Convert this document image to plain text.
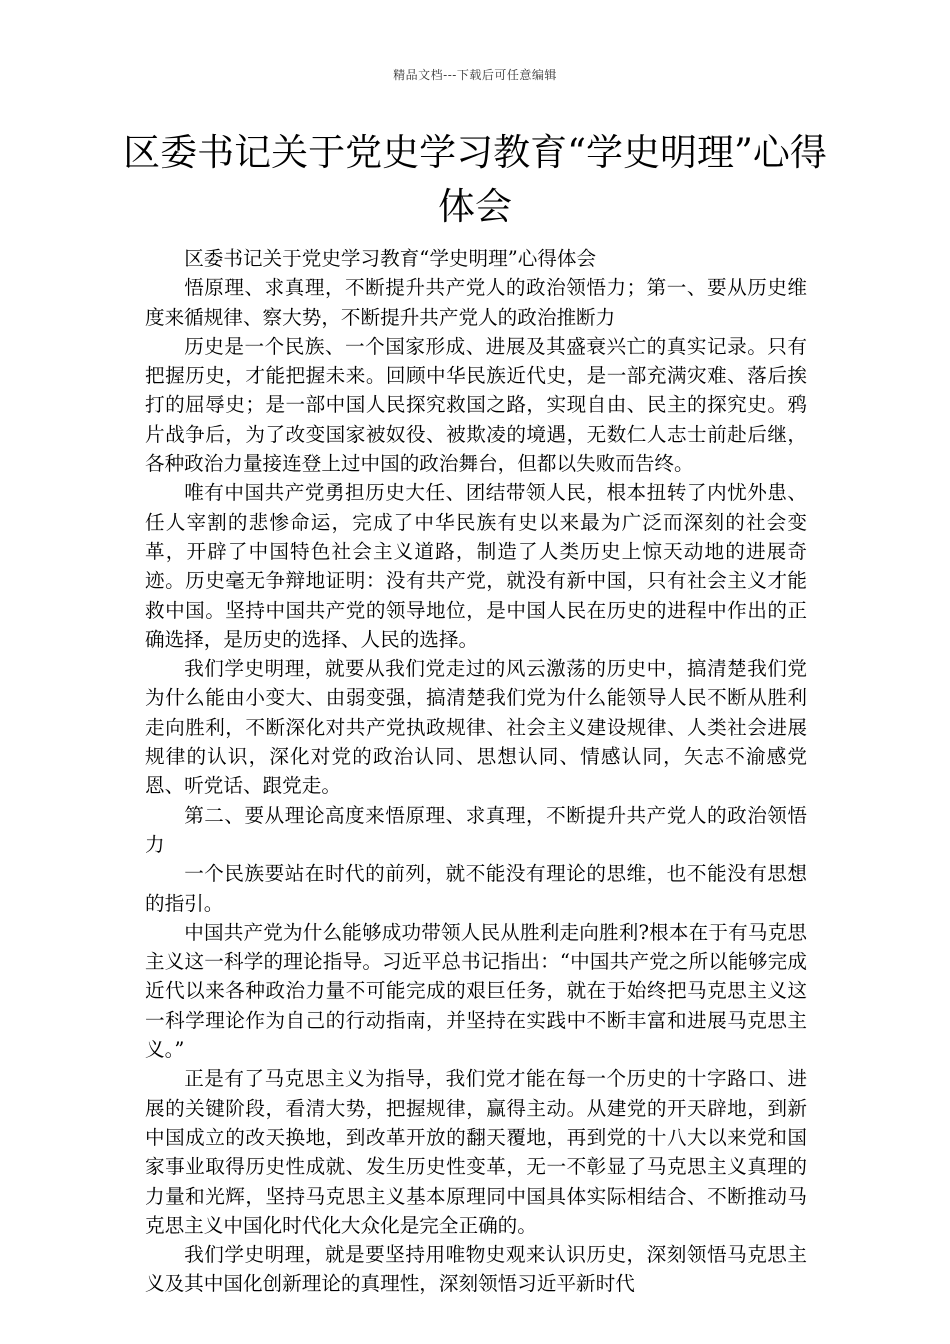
精品文档---下载后可任意编辑
区委书记关于党史学习教育“学史明理”心得体会

区委书记关于党史学习教育“学史明理”心得体会

悟原理、求真理，不断提升共产党人的政治领悟力；第一、要从历史维度来循规律、察大势，不断提升共产党人的政治推断力

历史是一个民族、一个国家形成、进展及其盛衰兴亡的真实记录。只有把握历史，才能把握未来。回顾中华民族近代史，是一部充满灾难、落后挨打的屈辱史；是一部中国人民探究救国之路，实现自由、民主的探究史。鸦片战争后，为了改变国家被奴役、被欺凌的境遇，无数仁人志士前赴后继，各种政治力量接连登上过中国的政治舞台，但都以失败而告终。

唯有中国共产党勇担历史大任、团结带领人民，根本扭转了内忧外患、任人宰割的悲惨命运，完成了中华民族有史以来最为广泛而深刻的社会变革，开辟了中国特色社会主义道路，制造了人类历史上惊天动地的进展奇迹。历史毫无争辩地证明：没有共产党，就没有新中国，只有社会主义才能救中国。坚持中国共产党的领导地位，是中国人民在历史的进程中作出的正确选择，是历史的选择、人民的选择。

我们学史明理，就要从我们党走过的风云激荡的历史中，搞清楚我们党为什么能由小变大、由弱变强，搞清楚我们党为什么能领导人民不断从胜利走向胜利，不断深化对共产党执政规律、社会主义建设规律、人类社会进展规律的认识，深化对党的政治认同、思想认同、情感认同，矢志不渝感党恩、听党话、跟党走。

第二、要从理论高度来悟原理、求真理，不断提升共产党人的政治领悟力

一个民族要站在时代的前列，就不能没有理论的思维，也不能没有思想的指引。

中国共产党为什么能够成功带领人民从胜利走向胜利?根本在于有马克思主义这一科学的理论指导。习近平总书记指出：“中国共产党之所以能够完成近代以来各种政治力量不可能完成的艰巨任务，就在于始终把马克思主义这一科学理论作为自己的行动指南，并坚持在实践中不断丰富和进展马克思主义。”

正是有了马克思主义为指导，我们党才能在每一个历史的十字路口、进展的关键阶段，看清大势，把握规律，赢得主动。从建党的开天辟地，到新中国成立的改天换地，到改革开放的翻天覆地，再到党的十八大以来党和国家事业取得历史性成就、发生历史性变革，无一不彰显了马克思主义真理的力量和光辉，坚持马克思主义基本原理同中国具体实际相结合、不断推动马克思主义中国化时代化大众化是完全正确的。

我们学史明理，就是要坚持用唯物史观来认识历史，深刻领悟马克思主义及其中国化创新理论的真理性，深刻领悟习近平新时代
